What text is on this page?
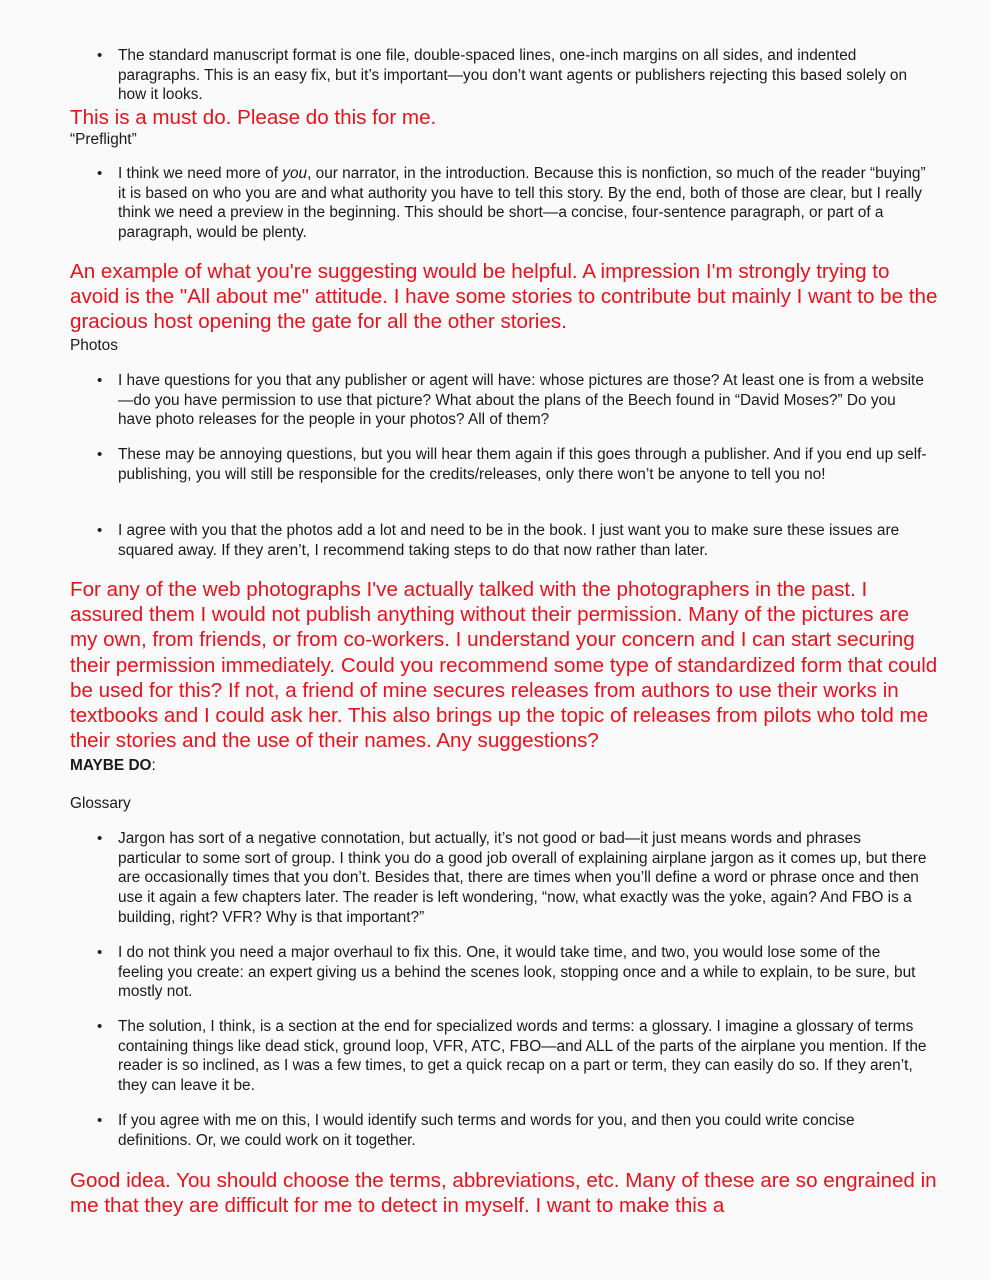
• The standard manuscript format is one file, double-spaced lines, one-inch margins on all sides, and indented paragraphs. This is an easy fix, but it’s important—you don’t want agents or publishers rejecting this based solely on how it looks.

This is a must do. Please do this for me.

“Preflight”

• I think we need more of you, our narrator, in the introduction. Because this is nonfiction, so much of the reader “buying” it is based on who you are and what authority you have to tell this story. By the end, both of those are clear, but I really think we need a preview in the beginning. This should be short—a concise, four-sentence paragraph, or part of a paragraph, would be plenty.

An example of what you're suggesting would be helpful. A impression I'm strongly trying to avoid is the "All about me" attitude. I have some stories to contribute but mainly I want to be the gracious host opening the gate for all the other stories.

Photos

• I have questions for you that any publisher or agent will have: whose pictures are those? At least one is from a website—do you have permission to use that picture? What about the plans of the Beech found in “David Moses?” Do you have photo releases for the people in your photos? All of them?

• These may be annoying questions, but you will hear them again if this goes through a publisher. And if you end up self-publishing, you will still be responsible for the credits/releases, only there won’t be anyone to tell you no!

• I agree with you that the photos add a lot and need to be in the book. I just want you to make sure these issues are squared away. If they aren’t, I recommend taking steps to do that now rather than later.

For any of the web photographs I've actually talked with the photographers in the past. I assured them I would not publish anything without their permission. Many of the pictures are my own, from friends, or from co-workers. I understand your concern and I can start securing their permission immediately. Could you recommend some type of standardized form that could be used for this? If not, a friend of mine secures releases from authors to use their works in textbooks and I could ask her. This also brings up the topic of releases from pilots who told me their stories and the use of their names. Any suggestions?

MAYBE DO:

Glossary

• Jargon has sort of a negative connotation, but actually, it’s not good or bad—it just means words and phrases particular to some sort of group. I think you do a good job overall of explaining airplane jargon as it comes up, but there are occasionally times that you don’t. Besides that, there are times when you’ll define a word or phrase once and then use it again a few chapters later. The reader is left wondering, “now, what exactly was the yoke, again? And FBO is a building, right? VFR? Why is that important?”

• I do not think you need a major overhaul to fix this. One, it would take time, and two, you would lose some of the feeling you create: an expert giving us a behind the scenes look, stopping once and a while to explain, to be sure, but mostly not.

• The solution, I think, is a section at the end for specialized words and terms: a glossary. I imagine a glossary of terms containing things like dead stick, ground loop, VFR, ATC, FBO—and ALL of the parts of the airplane you mention. If the reader is so inclined, as I was a few times, to get a quick recap on a part or term, they can easily do so. If they aren’t, they can leave it be.

• If you agree with me on this, I would identify such terms and words for you, and then you could write concise definitions. Or, we could work on it together.

Good idea. You should choose the terms, abbreviations, etc. Many of these are so engrained in me that they are difficult for me to detect in myself. I want to make this a
